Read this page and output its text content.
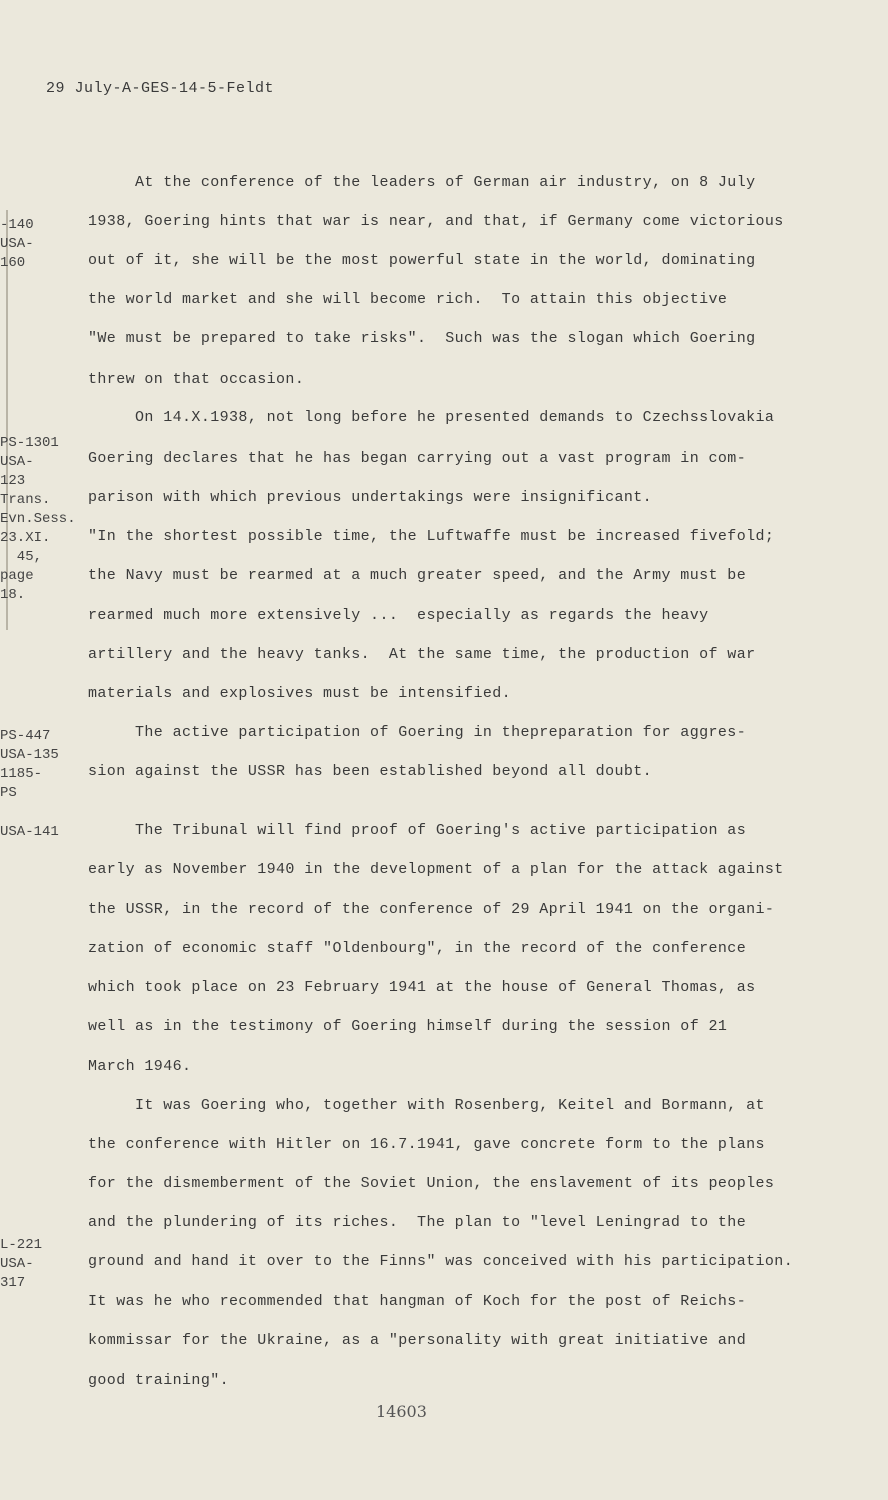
29 July-A-GES-14-5-Feldt
At the conference of the leaders of German air industry, on 8 July
1938, Goering hints that war is near, and that, if Germany come victorious
out of it, she will be the most powerful state in the world, dominating
the world market and she will become rich.  To attain this objective
"We must be prepared to take risks".  Such was the slogan which Goering
threw on that occasion.
On 14.X.1938, not long before he presented demands to Czechsslovakia
Goering declares that he has began carrying out a vast program in com-
parison with which previous undertakings were insignificant.
"In the shortest possible time, the Luftwaffe must be increased fivefold;
the Navy must be rearmed at a much greater speed, and the Army must be
rearmed much more extensively ...  especially as regards the heavy
artillery and the heavy tanks.  At the same time, the production of war
materials and explosives must be intensified.
The active participation of Goering in thepreparation for aggres-
sion against the USSR has been established beyond all doubt.
The Tribunal will find proof of Goering's active participation as
early as November 1940 in the development of a plan for the attack against
the USSR, in the record of the conference of 29 April 1941 on the organi-
zation of economic staff "Oldenbourg", in the record of the conference
which took place on 23 February 1941 at the house of General Thomas, as
well as in the testimony of Goering himself during the session of 21
March 1946.
It was Goering who, together with Rosenberg, Keitel and Bormann, at
the conference with Hitler on 16.7.1941, gave concrete form to the plans
for the dismemberment of the Soviet Union, the enslavement of its peoples
and the plundering of its riches.  The plan to "level Leningrad to the
ground and hand it over to the Finns" was conceived with his participation.
It was he who recommended that hangman of Koch for the post of Reichs-
kommissar for the Ukraine, as a "personality with great initiative and
good training".
-140
USA-
160
PS-1301
USA-
123
Trans.
Evn.Sess.
23.XI.
45,
page
18.
PS-447
USA-135
1185-
PS
USA-141
L-221
USA-
317
14603
